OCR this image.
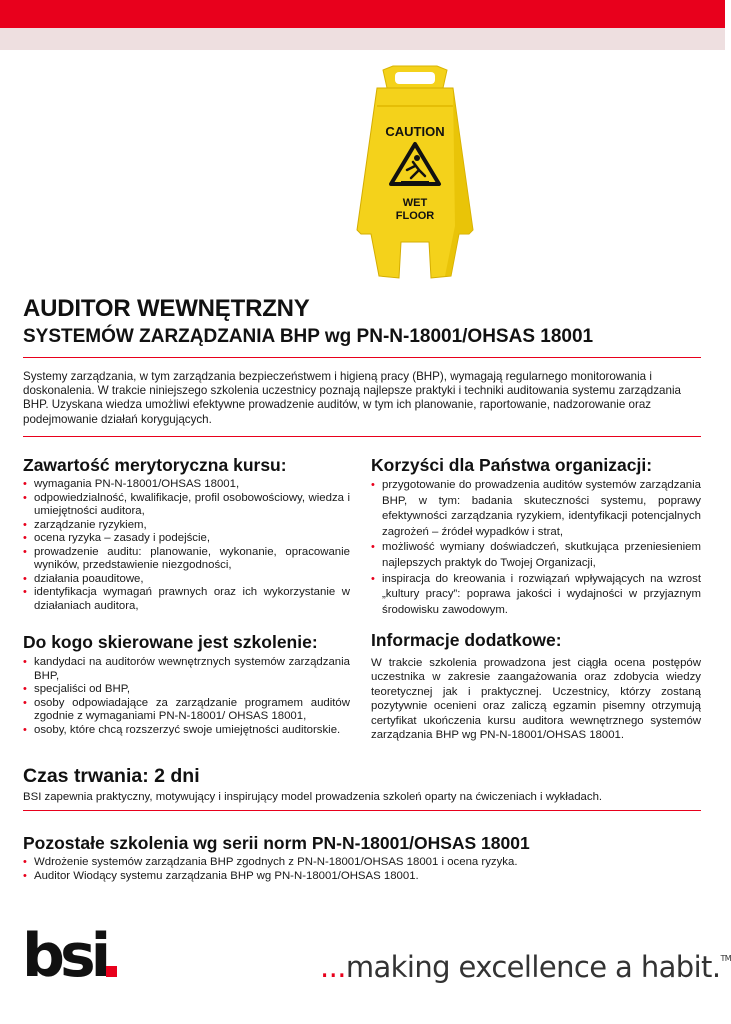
CAUTION
WET
FLOOR
AUDITOR WEWNĘTRZNY
SYSTEMÓW ZARZĄDZANIA BHP wg PN-N-18001/OHSAS 18001

Systemy zarządzania, w tym zarządzania bezpieczeństwem i higieną pracy (BHP), wymagają regularnego monitorowania i doskonalenia. W trakcie niniejszego szkolenia uczestnicy poznają najlepsze praktyki i techniki auditowania systemu zarządzania BHP. Uzyskana wiedza umożliwi efektywne prowadzenie auditów, w tym ich planowanie, raportowanie, nadzorowanie oraz podejmowanie działań korygujących.

Zawartość merytoryczna kursu:
• wymagania PN-N-18001/OHSAS 18001,
• odpowiedzialność, kwalifikacje, profil osobowościowy, wiedza i umiejętności auditora,
• zarządzanie ryzykiem,
• ocena ryzyka – zasady i podejście,
• prowadzenie auditu: planowanie, wykonanie, opracowanie wyników, przedstawienie niezgodności,
• działania poauditowe,
• identyfikacja wymagań prawnych oraz ich wykorzystanie w działaniach auditora,
Do kogo skierowane jest szkolenie:
• kandydaci na auditorów wewnętrznych systemów zarządzania BHP,
• specjaliści od BHP,
• osoby odpowiadające za zarządzanie programem auditów zgodnie z wymaganiami PN-N-18001/ OHSAS 18001,
• osoby, które chcą rozszerzyć swoje umiejętności auditorskie.
Korzyści dla Państwa organizacji:
• przygotowanie do prowadzenia auditów systemów zarządzania BHP, w tym: badania skuteczności systemu, poprawy efektywności zarządzania ryzykiem, identyfikacji potencjalnych zagrożeń – źródeł wypadków i strat,
• możliwość wymiany doświadczeń, skutkująca przeniesieniem najlepszych praktyk do Twojej Organizacji,
• inspiracja do kreowania i rozwiązań wpływających na wzrost „kultury pracy”: poprawa jakości i wydajności w przyjaznym środowisku zawodowym.
Informacje dodatkowe:

W trakcie szkolenia prowadzona jest ciągła ocena postępów uczestnika w zakresie zaangażowania oraz zdobycia wiedzy teoretycznej jak i praktycznej. Uczestnicy, którzy zostaną pozytywnie ocenieni oraz zaliczą egzamin pisemny otrzymują certyfikat ukończenia kursu auditora wewnętrznego systemów zarządzania BHP wg PN-N-18001/OHSAS 18001.

Czas trwania: 2 dni
BSI zapewnia praktyczny, motywujący i inspirujący model prowadzenia szkoleń oparty na ćwiczeniach i wykładach.
Pozostałe szkolenia wg serii norm PN-N-18001/OHSAS 18001
• Wdrożenie systemów zarządzania BHP zgodnych z PN-N-18001/OHSAS 18001 i ocena ryzyka.
• Auditor Wiodący systemu zarządzania BHP wg PN-N-18001/OHSAS 18001.
bsi	...making excellence a habit.™
